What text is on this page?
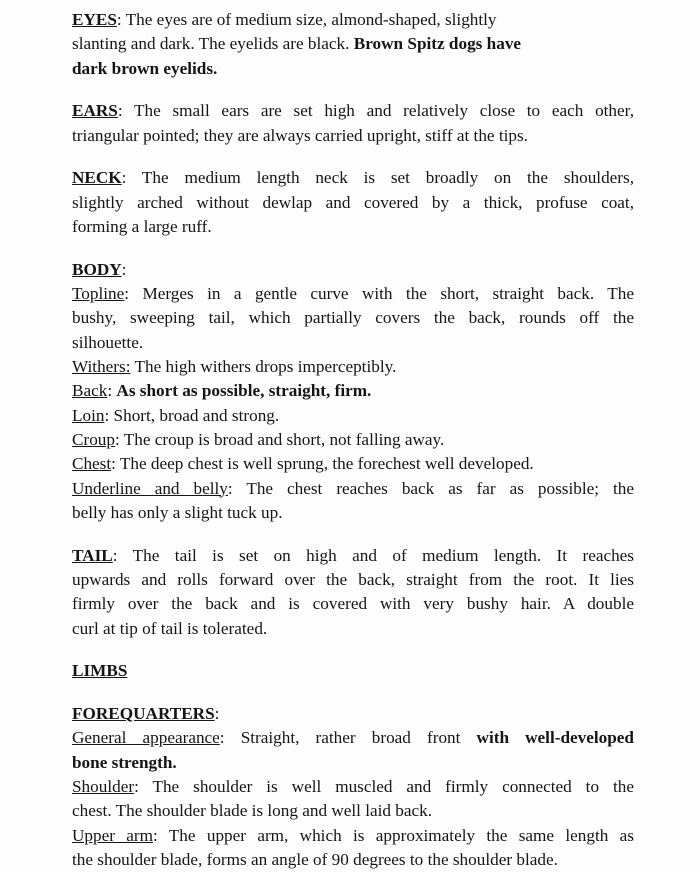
EYES: The eyes are of medium size, almond-shaped, slightly
slanting and dark. The eyelids are black. Brown Spitz dogs have
dark brown eyelids.
EARS: The small ears are set high and relatively close to each other,
triangular pointed; they are always carried upright, stiff at the tips.
NECK: The medium length neck is set broadly on the shoulders,
slightly arched without dewlap and covered by a thick, profuse coat,
forming a large ruff.
BODY:
Topline: Merges in a gentle curve with the short, straight back. The
bushy, sweeping tail, which partially covers the back, rounds off the
silhouette.
Withers: The high withers drops imperceptibly.
Back: As short as possible, straight, firm.
Loin: Short, broad and strong.
Croup: The croup is broad and short, not falling away.
Chest: The deep chest is well sprung, the forechest well developed.
Underline and belly: The chest reaches back as far as possible; the
belly has only a slight tuck up.
TAIL: The tail is set on high and of medium length. It reaches
upwards and rolls forward over the back, straight from the root. It lies
firmly over the back and is covered with very bushy hair. A double
curl at tip of tail is tolerated.
LIMBS
FOREQUARTERS:
General appearance: Straight, rather broad front with well-developed
bone strength.
Shoulder: The shoulder is well muscled and firmly connected to the
chest. The shoulder blade is long and well laid back.
Upper arm: The upper arm, which is approximately the same length as
the shoulder blade, forms an angle of 90 degrees to the shoulder blade.
